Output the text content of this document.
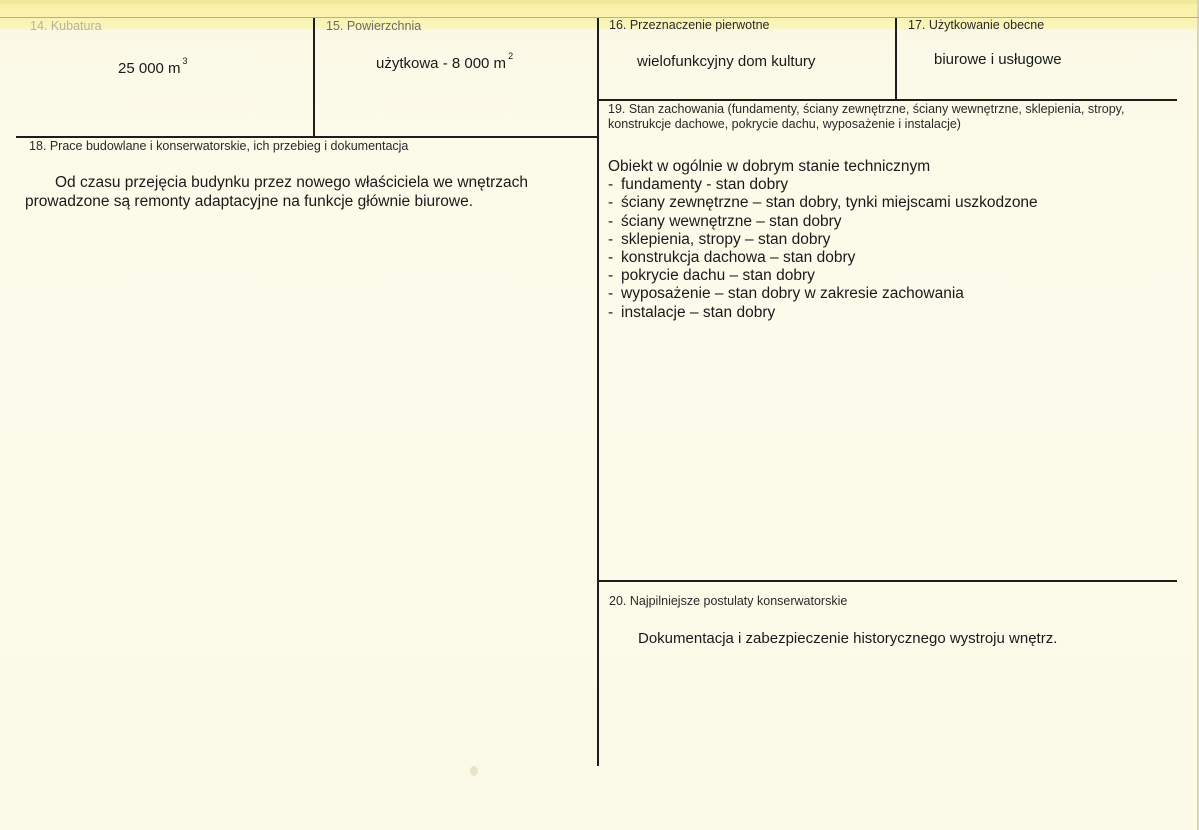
14. Kubatura
25 000 m $^3$
15. Powierzchnia
użytkowa - 8 000 m $^2$
16. Przeznaczenie pierwotne
wielofunkcyjny dom kultury
17. Użytkowanie obecne
biurowe i usługowe
18. Prace budowlane i konserwatorskie, ich przebieg i dokumentacja
Od czasu przejęcia budynku przez nowego właściciela we wnętrzach
prowadzone są remonty adaptacyjne na funkcje głównie biurowe.
19. Stan zachowania (fundamenty, ściany zewnętrzne, ściany wewnętrzne, sklepienia, stropy,
konstrukcje dachowe, pokrycie dachu, wyposażenie i instalacje)
Obiekt w ogólnie w dobrym stanie technicznym
- fundamenty - stan dobry
- ściany zewnętrzne – stan dobry, tynki miejscami uszkodzone
- ściany wewnętrzne – stan dobry
- sklepienia, stropy – stan dobry
- konstrukcja dachowa – stan dobry
- pokrycie dachu – stan dobry
- wyposażenie – stan dobry w zakresie zachowania
- instalacje – stan dobry
20. Najpilniejsze postulaty konserwatorskie
Dokumentacja i zabezpieczenie historycznego wystroju wnętrz.
